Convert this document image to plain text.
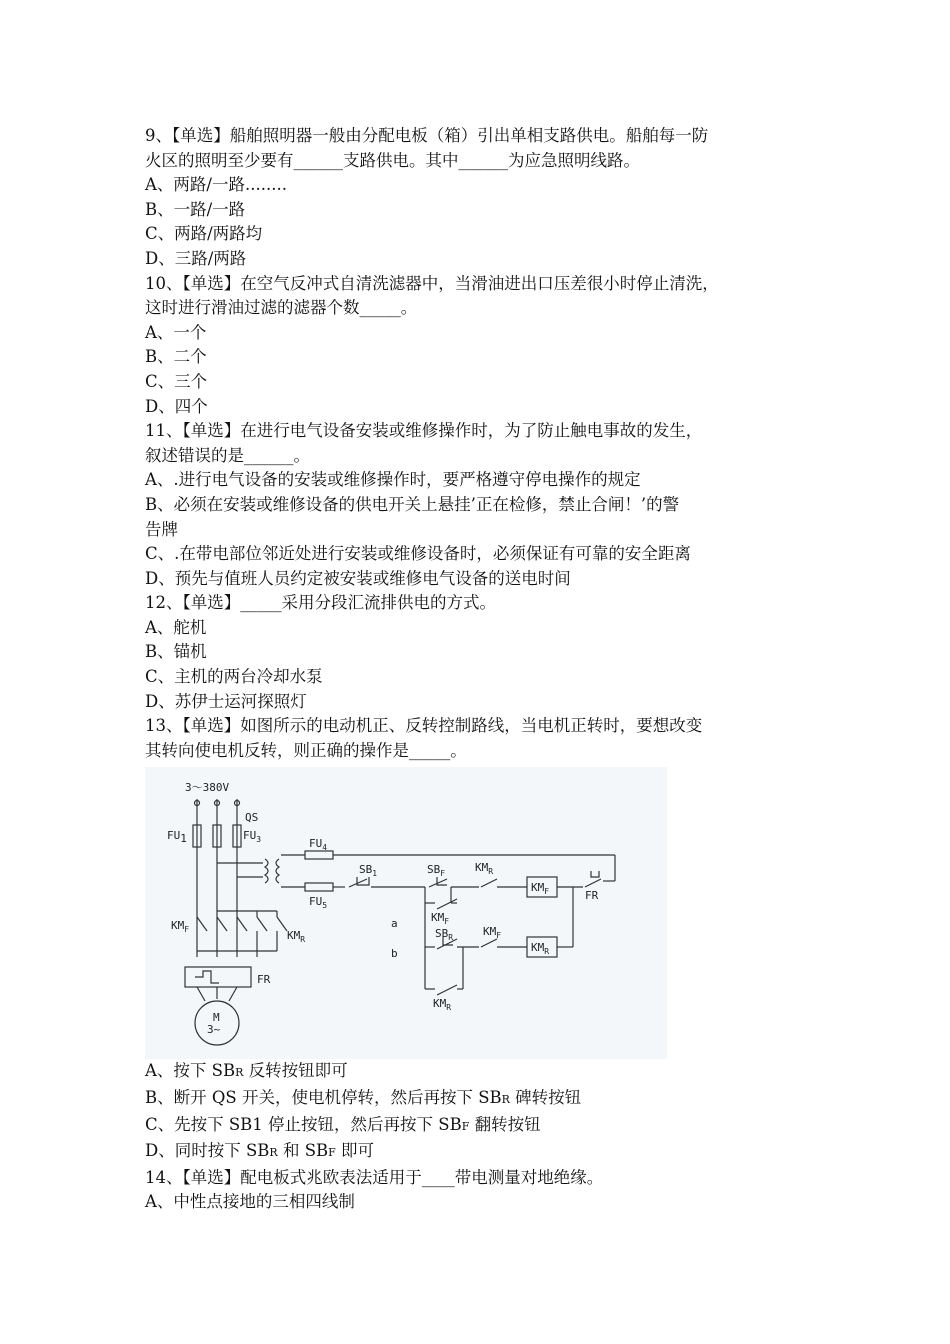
9、【单选】船舶照明器一般由分配电板（箱）引出单相支路供电。船舶每一防
火区的照明至少要有______支路供电。其中______为应急照明线路。
A、两路/一路........
B、一路/一路
C、两路/两路均
D、三路/两路
10、【单选】在空气反冲式自清洗滤器中，当滑油进出口压差很小时停止清洗，
这时进行滑油过滤的滤器个数_____。
A、一个
B、二个
C、三个
D、四个
11、【单选】在进行电气设备安装或维修操作时，为了防止触电事故的发生，
叙述错误的是______。
A、.进行电气设备的安装或维修操作时，要严格遵守停电操作的规定
B、必须在安装或维修设备的供电开关上悬挂’正在检修，禁止合闸！’的警
告牌
C、.在带电部位邻近处进行安装或维修设备时，必须保证有可靠的安全距离
D、预先与值班人员约定被安装或维修电气设备的送电时间
12、【单选】_____采用分段汇流排供电的方式。
A、舵机
B、锚机
C、主机的两台冷却水泵
D、苏伊士运河探照灯
13、【单选】如图所示的电动机正、反转控制路线，当电机正转时，要想改变
其转向使电机反转，则正确的操作是_____。
3～380V
QS
FU1	$FU_3$	$FU_4$
$FU_5$
$SB_1$	$SB_F$	$KM_R$
$KM_F$	FR
$KM_F$
a
$SB_R$	$KM_F$
$KM_R$
b
$KM_R$
$KM_F$	$KM_R$
FR
M
3~
A、按下 SBR 反转按钮即可
B、断开 QS 开关，使电机停转，然后再按下 SBR 碑转按钮
C、先按下 SB1 停止按钮，然后再按下 SBF 翻转按钮
D、同时按下 SBR 和 SBF 即可
14、【单选】配电板式兆欧表法适用于____带电测量对地绝缘。
A、中性点接地的三相四线制
